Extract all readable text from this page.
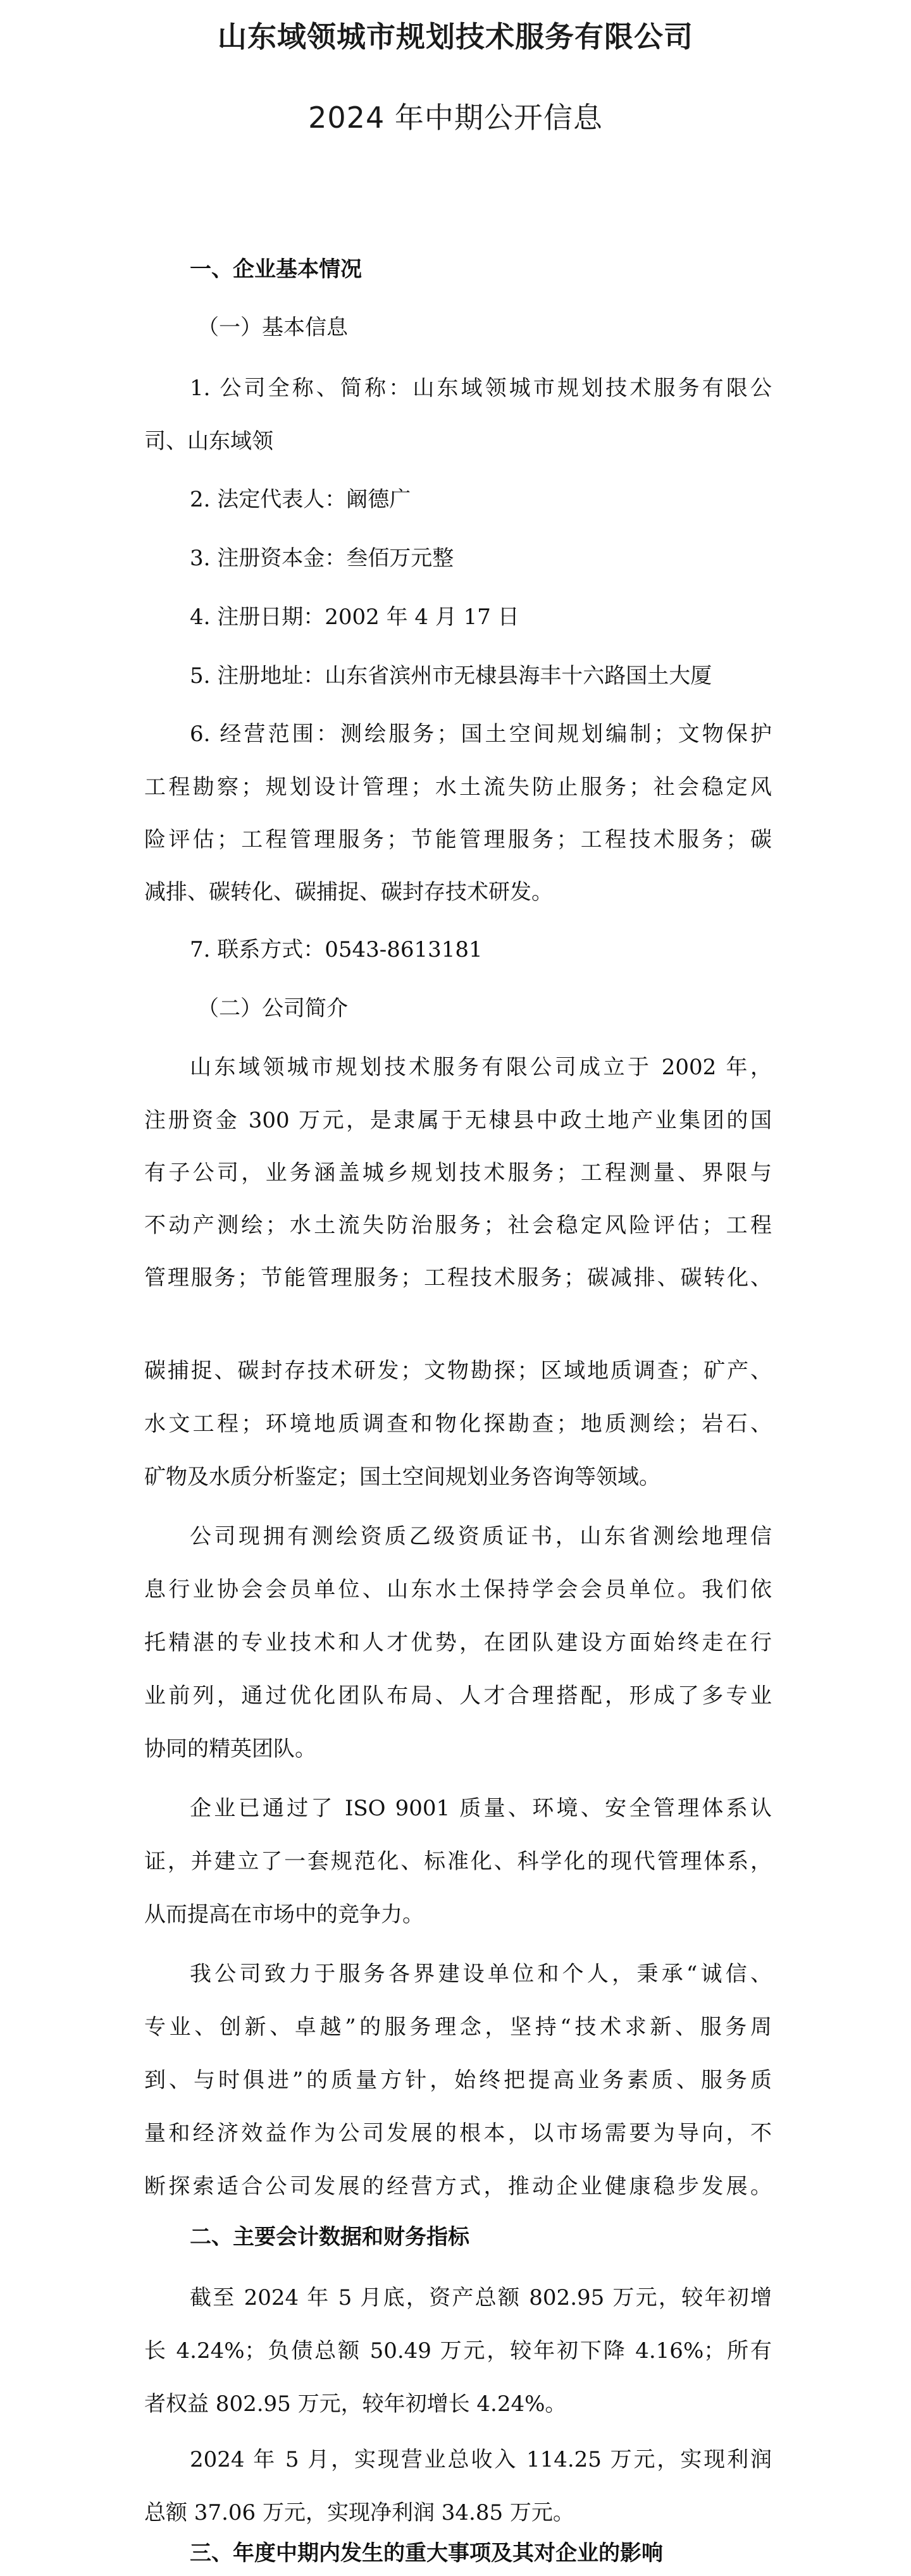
山东域领城市规划技术服务有限公司
2024 年中期公开信息
一、企业基本情况
（一）基本信息
1. 公司全称、简称：山东域领城市规划技术服务有限公
司、山东域领
2. 法定代表人：阚德广
3. 注册资本金：叁佰万元整
4. 注册日期：2002 年 4 月 17 日
5. 注册地址：山东省滨州市无棣县海丰十六路国土大厦
6. 经营范围：测绘服务；国土空间规划编制；文物保护
工程勘察；规划设计管理；水土流失防止服务；社会稳定风
险评估；工程管理服务；节能管理服务；工程技术服务；碳
减排、碳转化、碳捕捉、碳封存技术研发。
7. 联系方式：0543-8613181
（二）公司简介
山东域领城市规划技术服务有限公司成立于 2002 年，
注册资金 300 万元，是隶属于无棣县中政土地产业集团的国
有子公司，业务涵盖城乡规划技术服务；工程测量、界限与
不动产测绘；水土流失防治服务；社会稳定风险评估；工程
管理服务；节能管理服务；工程技术服务；碳减排、碳转化、
碳捕捉、碳封存技术研发；文物勘探；区域地质调查；矿产、
水文工程；环境地质调查和物化探勘查；地质测绘；岩石、
矿物及水质分析鉴定；国土空间规划业务咨询等领域。
公司现拥有测绘资质乙级资质证书，山东省测绘地理信
息行业协会会员单位、山东水土保持学会会员单位。我们依
托精湛的专业技术和人才优势，在团队建设方面始终走在行
业前列，通过优化团队布局、人才合理搭配，形成了多专业
协同的精英团队。
企业已通过了 ISO 9001 质量、环境、安全管理体系认
证，并建立了一套规范化、标准化、科学化的现代管理体系，
从而提高在市场中的竞争力。
我公司致力于服务各界建设单位和个人，秉承“诚信、
专业、创新、卓越”的服务理念，坚持“技术求新、服务周
到、与时俱进”的质量方针，始终把提高业务素质、服务质
量和经济效益作为公司发展的根本，以市场需要为导向，不
断探索适合公司发展的经营方式，推动企业健康稳步发展。
二、主要会计数据和财务指标
截至 2024 年 5 月底，资产总额 802.95 万元，较年初增
长 4.24%；负债总额 50.49 万元，较年初下降 4.16%；所有
者权益 802.95 万元，较年初增长 4.24%。
2024 年 5 月，实现营业总收入 114.25 万元，实现利润
总额 37.06 万元，实现净利润 34.85 万元。
三、年度中期内发生的重大事项及其对企业的影响
